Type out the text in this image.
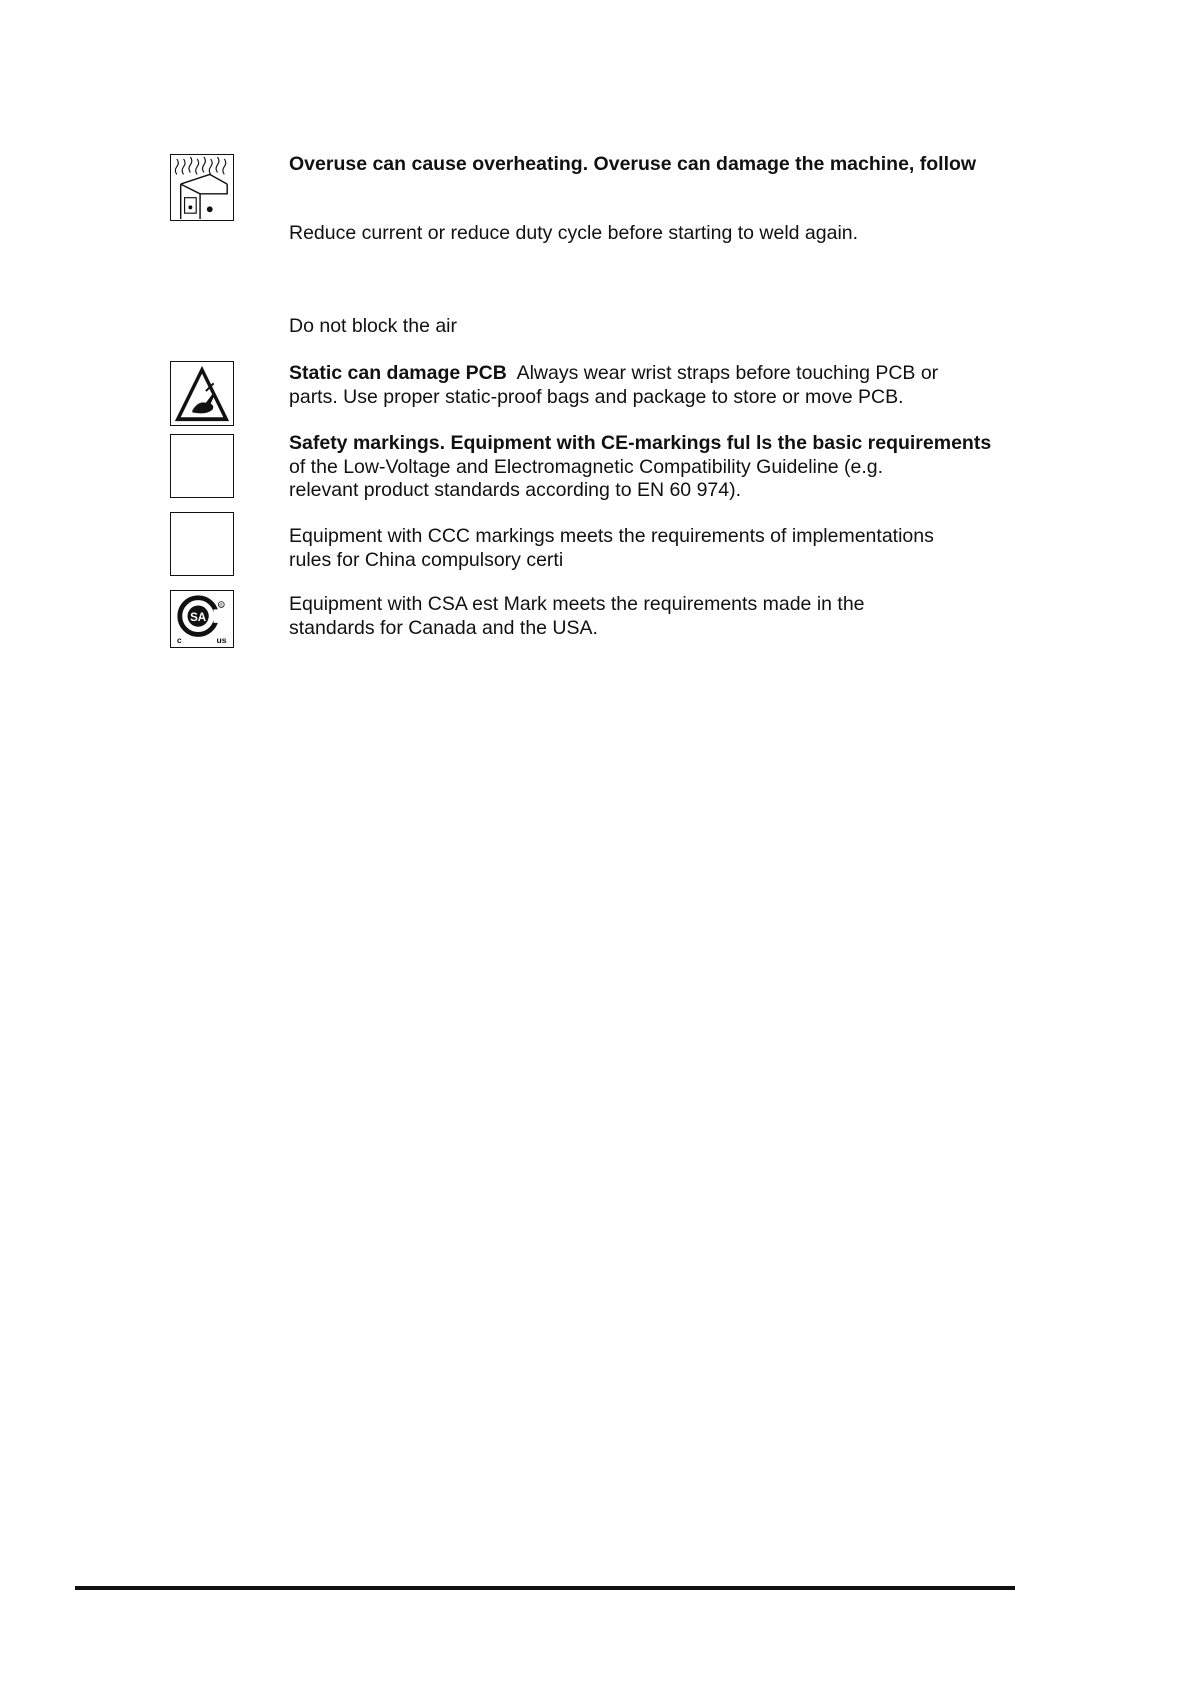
Overuse can cause overheating. Overuse can damage the machine, follow
Reduce current or reduce duty cycle before starting to weld again.
Do not block the air
Static can damage PCB Always wear wrist straps before touching PCB or
parts. Use proper static-proof bags and package to store or move PCB.
Safety markings. Equipment with CE-markings ful ls the basic requirements
of the Low-Voltage and Electromagnetic Compatibility Guideline (e.g.
relevant product standards according to EN 60 974).
Equipment with CCC markings meets the requirements of implementations
rules for China compulsory certi
SA
®
c	us
Equipment with CSA est Mark meets the requirements made in the
standards for Canada and the USA.
